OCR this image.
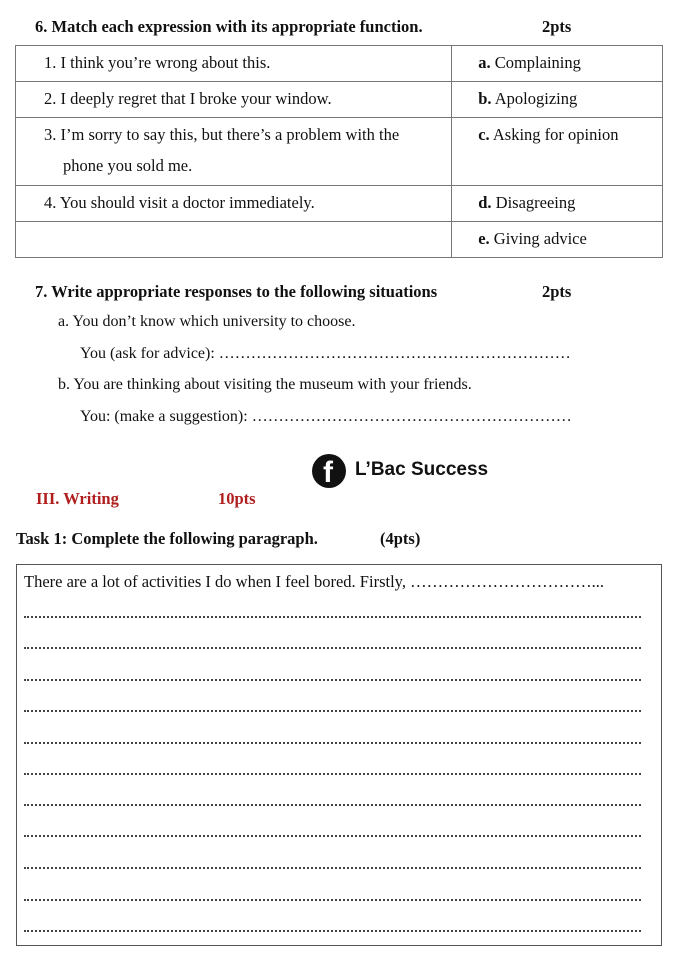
6. Match each expression with its appropriate function.	2pts
1. I think you’re wrong about this.	a. Complaining

2. I deeply regret that I broke your window.	b. Apologizing

3. I’m sorry to say this, but there’s a problem with the
phone you sold me.	c. Asking for opinion

4. You should visit a doctor immediately.	d. Disagreeing

	e. Giving advice
7. Write appropriate responses to the following situations	2pts
a. You don’t know which university to choose.
You (ask for advice): …………………………………………………………
b. You are thinking about visiting the museum with your friends.
You: (make a suggestion): ……………………………………………………
f L’Bac Success
III. Writing	10pts
Task 1: Complete the following paragraph.	(4pts)
There are a lot of activities I do when I feel bored. Firstly, ……………………………...
